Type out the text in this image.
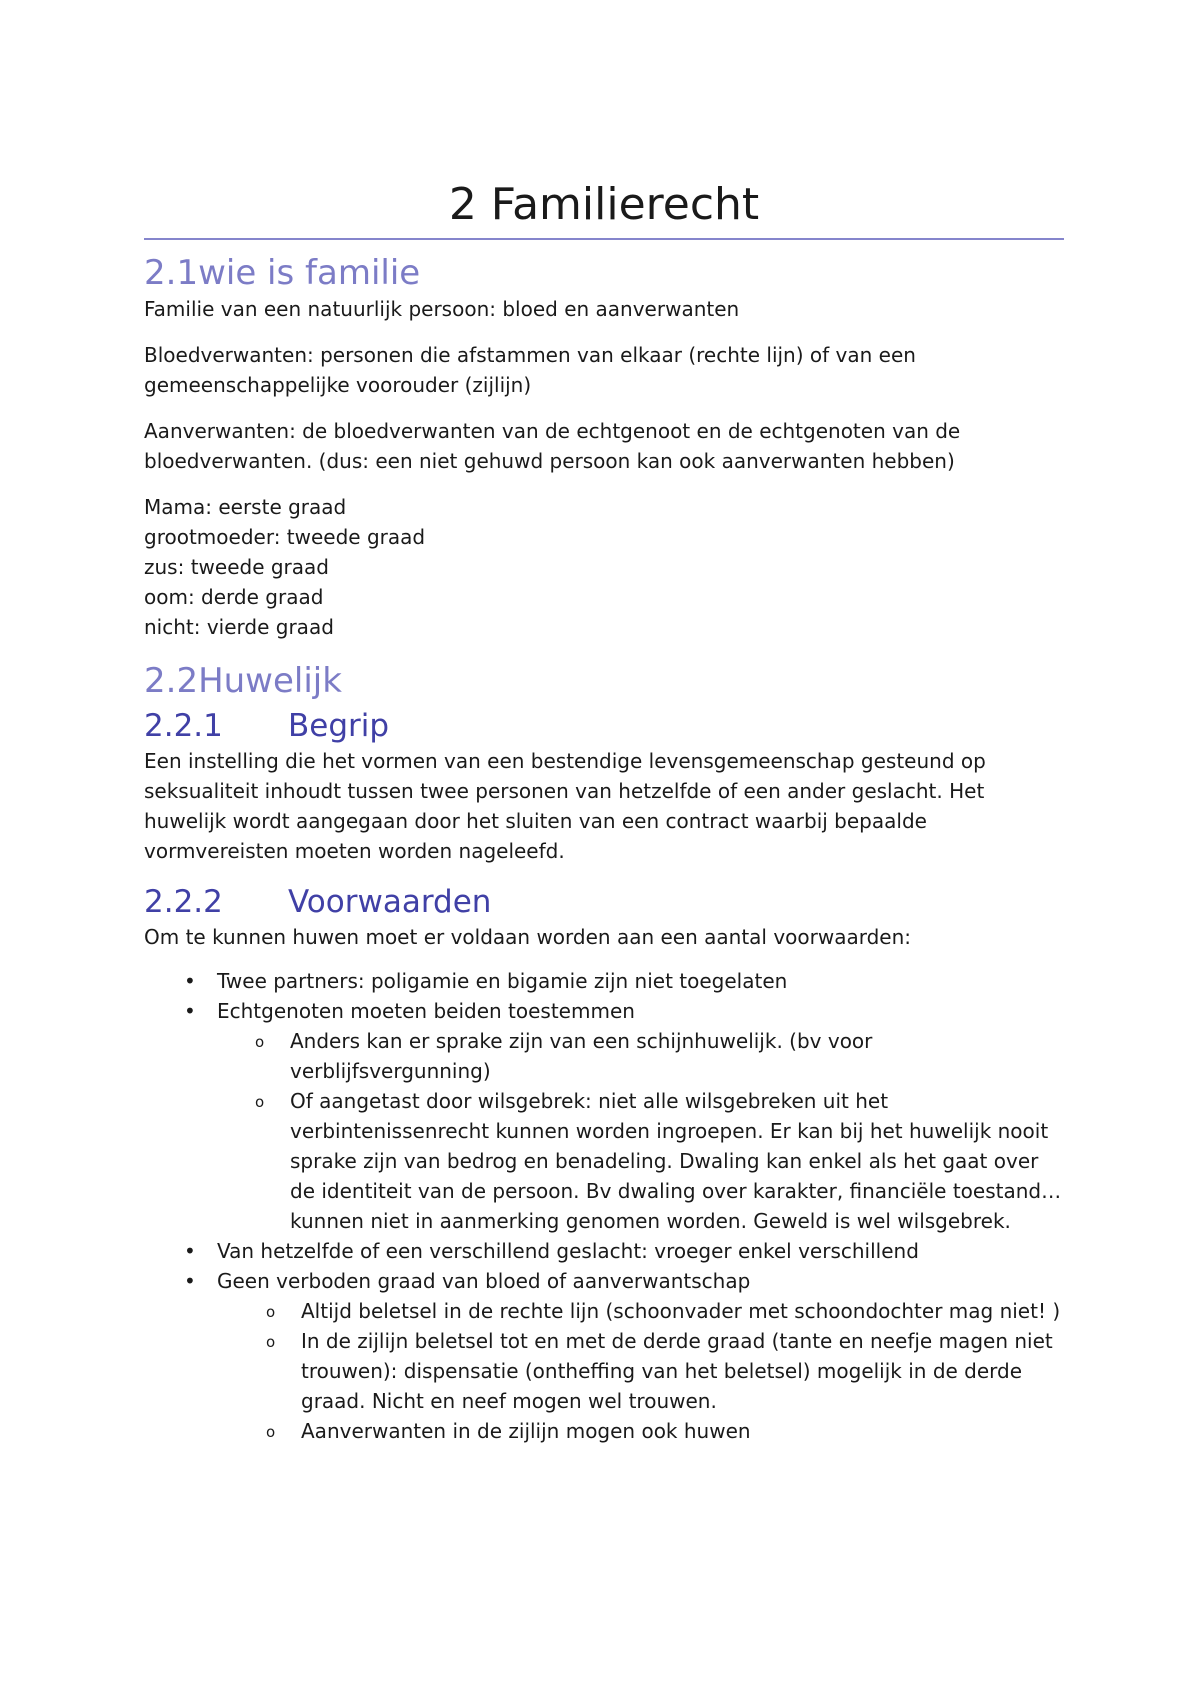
2 Familierecht
2.1wie is familie

Familie van een natuurlijk persoon: bloed en aanverwanten

Bloedverwanten: personen die afstammen van elkaar (rechte lijn) of van een gemeenschappelijke voorouder (zijlijn)

Aanverwanten: de bloedverwanten van de echtgenoot en de echtgenoten van de bloedverwanten. (dus: een niet gehuwd persoon kan ook aanverwanten hebben)

Mama: eerste graad

grootmoeder: tweede graad

zus: tweede graad

oom: derde graad

nicht: vierde graad

2.2Huwelijk
2.2.1 Begrip

Een instelling die het vormen van een bestendige levensgemeenschap gesteund op seksualiteit inhoudt tussen twee personen van hetzelfde of een ander geslacht. Het huwelijk wordt aangegaan door het sluiten van een contract waarbij bepaalde vormvereisten moeten worden nageleefd.

2.2.2 Voorwaarden

Om te kunnen huwen moet er voldaan worden aan een aantal voorwaarden:

• Twee partners: poligamie en bigamie zijn niet toegelaten
• Echtgenoten moeten beiden toestemmen
o Anders kan er sprake zijn van een schijnhuwelijk. (bv voor verblijfsvergunning)
o Of aangetast door wilsgebrek: niet alle wilsgebreken uit het verbintenissenrecht kunnen worden ingroepen. Er kan bij het huwelijk nooit sprake zijn van bedrog en benadeling. Dwaling kan enkel als het gaat over de identiteit van de persoon. Bv dwaling over karakter, financiële toestand… kunnen niet in aanmerking genomen worden. Geweld is wel wilsgebrek.
• Van hetzelfde of een verschillend geslacht: vroeger enkel verschillend
• Geen verboden graad van bloed of aanverwantschap
o Altijd beletsel in de rechte lijn (schoonvader met schoondochter mag niet! )
o In de zijlijn beletsel tot en met de derde graad (tante en neefje magen niet trouwen): dispensatie (ontheffing van het beletsel) mogelijk in de derde graad. Nicht en neef mogen wel trouwen.
o Aanverwanten in de zijlijn mogen ook huwen
